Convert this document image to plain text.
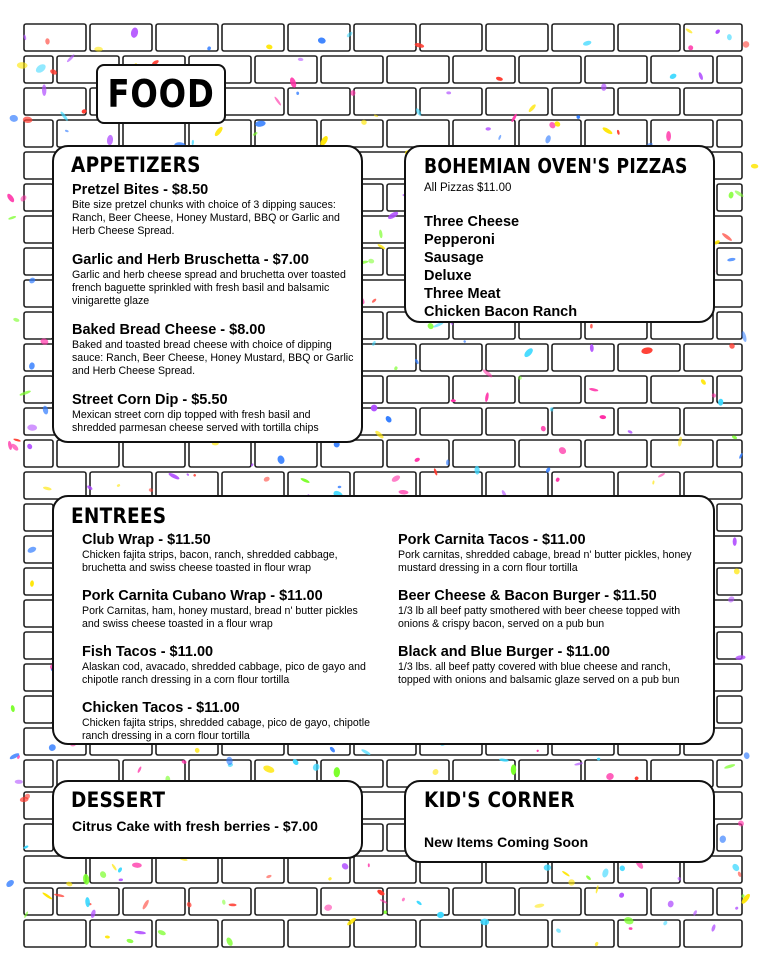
FOOD
APPETIZERS

Pretzel Bites - $8.50

Bite size pretzel chunks with choice of 3 dipping sauces: Ranch, Beer Cheese, Honey Mustard, BBQ or Garlic and Herb Cheese Spread.

Garlic and Herb Bruschetta - $7.00

Garlic and herb cheese spread and bruchetta over toasted french baguette sprinkled with fresh basil and balsamic vinigarette glaze

Baked Bread Cheese - $8.00

Baked and toasted bread cheese with choice of dipping sauce: Ranch, Beer Cheese, Honey Mustard, BBQ or Garlic and Herb Cheese Spread.

Street Corn Dip - $5.50

Mexican street corn dip topped with fresh basil and shredded parmesan cheese served with tortilla chips

BOHEMIAN OVEN'S PIZZAS
All Pizzas $11.00
Three Cheese
Pepperoni
Sausage
Deluxe
Three Meat
Chicken Bacon Ranch
ENTREES

Club Wrap - $11.50

Chicken fajita strips, bacon, ranch, shredded cabbage, bruchetta and swiss cheese toasted in flour wrap

Pork Carnita Cubano Wrap - $11.00

Pork Carnitas, ham, honey mustard, bread n' butter pickles and swiss cheese toasted in a flour wrap

Fish Tacos - $11.00

Alaskan cod, avacado, shredded cabbage, pico de gayo and chipotle ranch dressing in a corn flour tortilla

Chicken Tacos - $11.00

Chicken fajita strips, shredded cabage, pico de gayo, chipotle ranch dressing in a corn flour tortilla

Pork Carnita Tacos - $11.00

Pork carnitas, shredded cabage, bread n' butter pickles, honey mustard dressing in a corn flour tortilla

Beer Cheese & Bacon Burger - $11.50

1/3 lb all beef patty smothered with beer cheese topped with onions & crispy bacon, served on a pub bun

Black and Blue Burger - $11.00

1/3 lbs. all beef patty covered with blue cheese and ranch, topped with onions and balsamic glaze served on a pub bun

DESSERT
Citrus Cake with fresh berries - $7.00
KID'S CORNER
New Items Coming Soon
